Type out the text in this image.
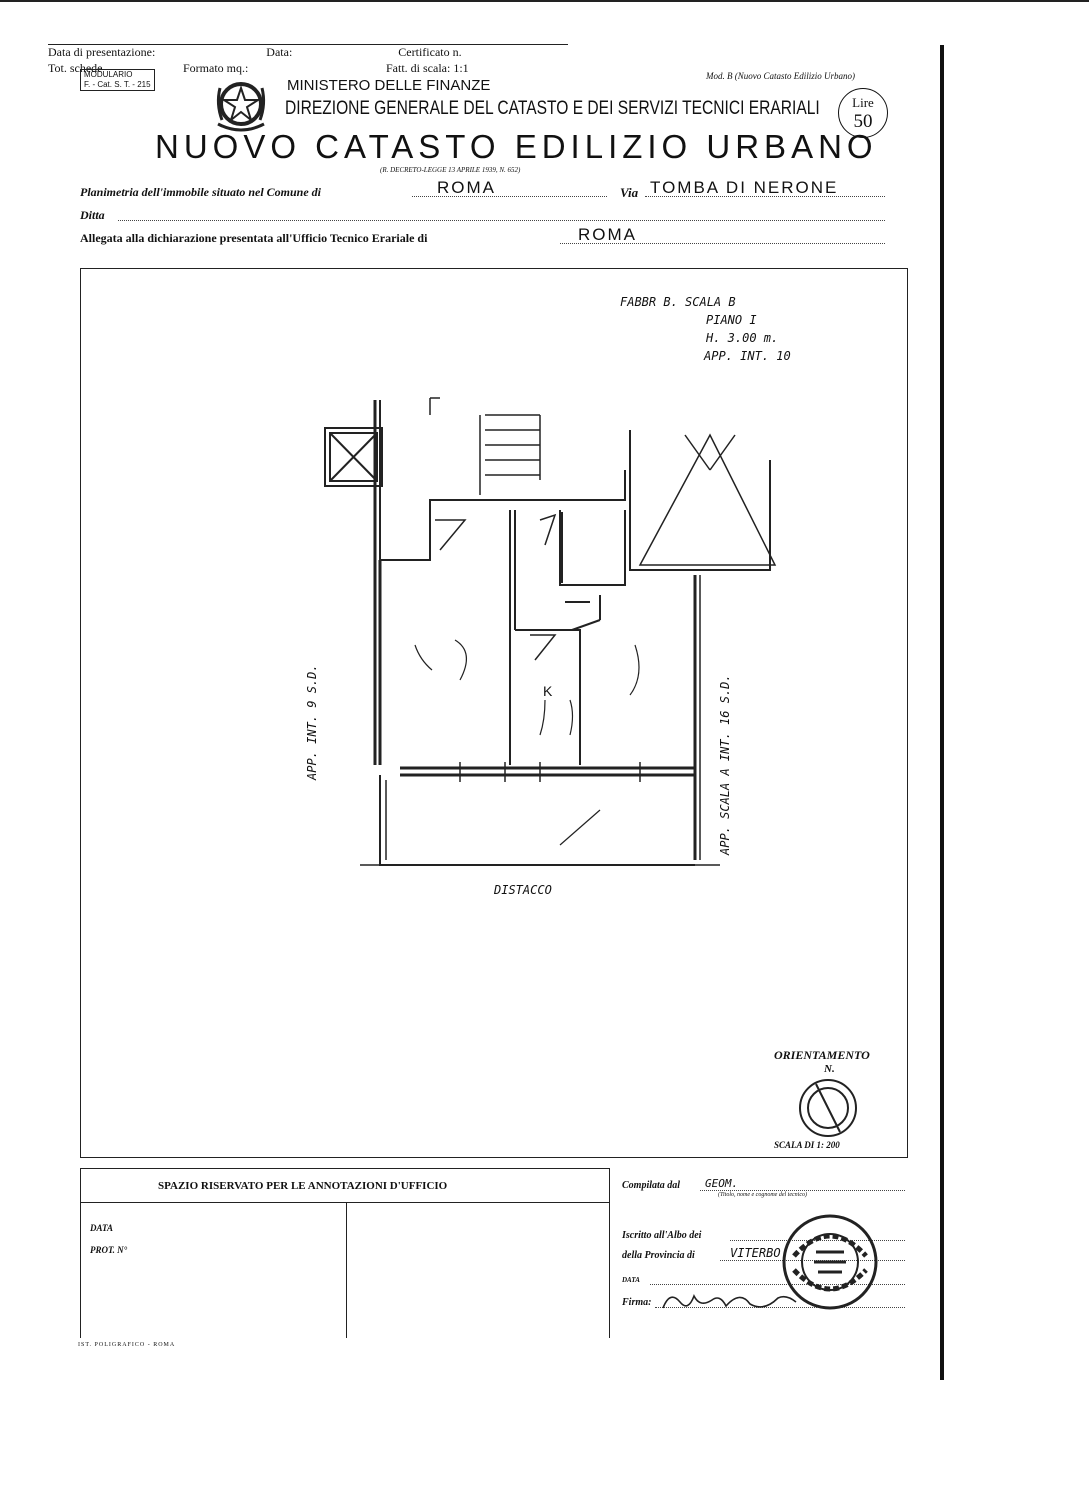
Data di presentazione:	Data:	Certificato n.
Tot. schede
MODULARIO
F. - Cat. S. T. - 215
Formato mq.:	Fatt. di scala: 1:1
Mod. B (Nuovo Catasto Edilizio Urbano)
MINISTERO DELLE FINANZE
DIREZIONE GENERALE DEL CATASTO E DEI SERVIZI TECNICI ERARIALI	Lire
50
NUOVO CATASTO EDILIZIO URBANO
(R. DECRETO-LEGGE 13 APRILE 1939, N. 652)
Planimetria dell'immobile situato nel Comune di	ROMA	Via TOMBA DI NERONE
Ditta
Allegata alla dichiarazione presentata all'Ufficio Tecnico Erariale di	ROMA
FABBR B. SCALA B
PIANO I
H. 3.00 m.
APP. INT. 10
K
APP. INT. 9 S.D.	APP. SCALA A INT. 16 S.D.
DISTACCO
ORIENTAMENTO
N.
SCALA DI 1: 200
SPAZIO RISERVATO PER LE ANNOTAZIONI D'UFFICIO
DATA
PROT. N°
IST. POLIGRAFICO - ROMA
Compilata dal GEOM.
(Titolo, nome e cognome del tecnico)
Iscritto all'Albo dei
della Provincia di	VITERBO
DATA
Firma:
